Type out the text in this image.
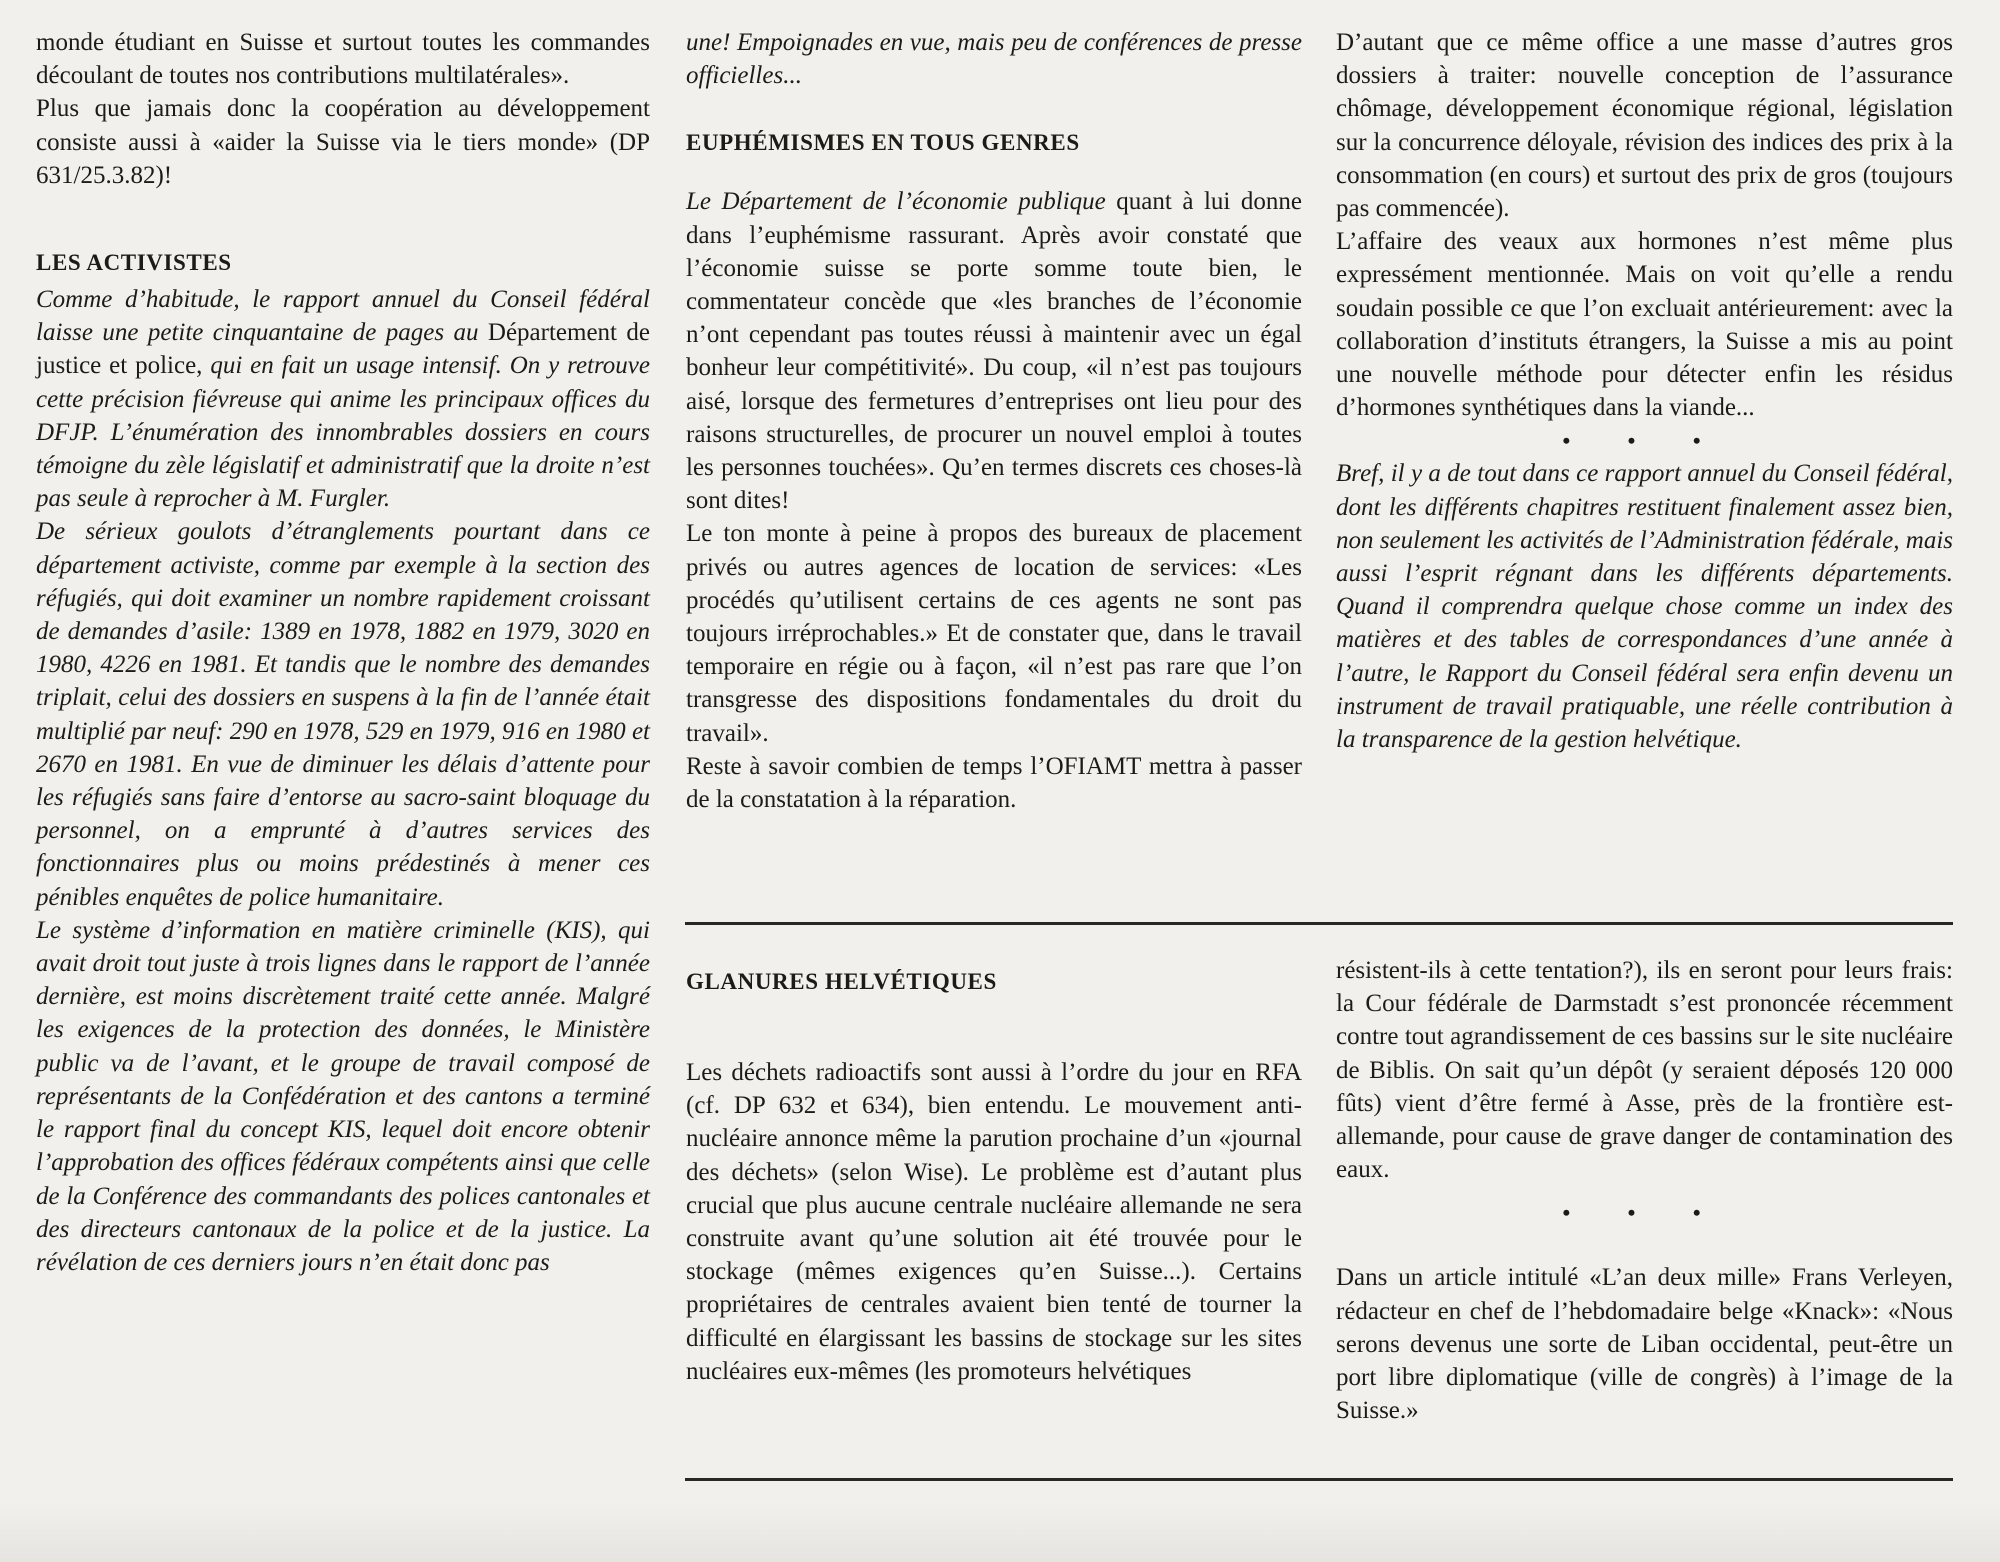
monde étudiant en Suisse et surtout toutes les commandes découlant de toutes nos contributions multilatérales».

Plus que jamais donc la coopération au développement consiste aussi à «aider la Suisse via le tiers monde» (DP 631/25.3.82)!

LES ACTIVISTES

Comme d’habitude, le rapport annuel du Conseil fédéral laisse une petite cinquantaine de pages au Département de justice et police, qui en fait un usage intensif. On y retrouve cette précision fiévreuse qui anime les principaux offices du DFJP. L’énumération des innombrables dossiers en cours témoigne du zèle législatif et administratif que la droite n’est pas seule à reprocher à M. Furgler.

De sérieux goulots d’étranglements pourtant dans ce département activiste, comme par exemple à la section des réfugiés, qui doit examiner un nombre rapidement croissant de demandes d’asile: 1389 en 1978, 1882 en 1979, 3020 en 1980, 4226 en 1981. Et tandis que le nombre des demandes triplait, celui des dossiers en suspens à la fin de l’année était multiplié par neuf: 290 en 1978, 529 en 1979, 916 en 1980 et 2670 en 1981. En vue de diminuer les délais d’attente pour les réfugiés sans faire d’entorse au sacro-saint bloquage du personnel, on a emprunté à d’autres services des fonctionnaires plus ou moins prédestinés à mener ces pénibles enquêtes de police humanitaire.

Le système d’information en matière criminelle (KIS), qui avait droit tout juste à trois lignes dans le rapport de l’année dernière, est moins discrètement traité cette année. Malgré les exigences de la protection des données, le Ministère public va de l’avant, et le groupe de travail composé de représentants de la Confédération et des cantons a terminé le rapport final du concept KIS, lequel doit encore obtenir l’approbation des offices fédéraux compétents ainsi que celle de la Conférence des commandants des polices cantonales et des directeurs cantonaux de la police et de la justice. La révélation de ces derniers jours n’en était donc pas

une! Empoignades en vue, mais peu de conférences de presse officielles...

EUPHÉMISMES EN TOUS GENRES

Le Département de l’économie publique quant à lui donne dans l’euphémisme rassurant. Après avoir constaté que l’économie suisse se porte somme toute bien, le commentateur concède que «les branches de l’économie n’ont cependant pas toutes réussi à maintenir avec un égal bonheur leur compétitivité». Du coup, «il n’est pas toujours aisé, lorsque des fermetures d’entreprises ont lieu pour des raisons structurelles, de procurer un nouvel emploi à toutes les personnes touchées». Qu’en termes discrets ces choses-là sont dites!

Le ton monte à peine à propos des bureaux de placement privés ou autres agences de location de services: «Les procédés qu’utilisent certains de ces agents ne sont pas toujours irréprochables.» Et de constater que, dans le travail temporaire en régie ou à façon, «il n’est pas rare que l’on transgresse des dispositions fondamentales du droit du travail».

Reste à savoir combien de temps l’OFIAMT mettra à passer de la constatation à la réparation.

D’autant que ce même office a une masse d’autres gros dossiers à traiter: nouvelle conception de l’assurance chômage, développement économique régional, législation sur la concurrence déloyale, révision des indices des prix à la consommation (en cours) et surtout des prix de gros (toujours pas commencée).

L’affaire des veaux aux hormones n’est même plus expressément mentionnée. Mais on voit qu’elle a rendu soudain possible ce que l’on excluait antérieurement: avec la collaboration d’instituts étrangers, la Suisse a mis au point une nouvelle méthode pour détecter enfin les résidus d’hormones synthétiques dans la viande...

• • •

Bref, il y a de tout dans ce rapport annuel du Conseil fédéral, dont les différents chapitres restituent finalement assez bien, non seulement les activités de l’Administration fédérale, mais aussi l’esprit régnant dans les différents départements. Quand il comprendra quelque chose comme un index des matières et des tables de correspondances d’une année à l’autre, le Rapport du Conseil fédéral sera enfin devenu un instrument de travail pratiquable, une réelle contribution à la transparence de la gestion helvétique.

GLANURES HELVÉTIQUES

Les déchets radioactifs sont aussi à l’ordre du jour en RFA (cf. DP 632 et 634), bien entendu. Le mouvement anti-nucléaire annonce même la parution prochaine d’un «journal des déchets» (selon Wise). Le problème est d’autant plus crucial que plus aucune centrale nucléaire allemande ne sera construite avant qu’une solution ait été trouvée pour le stockage (mêmes exigences qu’en Suisse...). Certains propriétaires de centrales avaient bien tenté de tourner la difficulté en élargissant les bassins de stockage sur les sites nucléaires eux-mêmes (les promoteurs helvétiques

résistent-ils à cette tentation?), ils en seront pour leurs frais: la Cour fédérale de Darmstadt s’est prononcée récemment contre tout agrandissement de ces bassins sur le site nucléaire de Biblis. On sait qu’un dépôt (y seraient déposés 120 000 fûts) vient d’être fermé à Asse, près de la frontière est-allemande, pour cause de grave danger de contamination des eaux.

• • •

Dans un article intitulé «L’an deux mille» Frans Verleyen, rédacteur en chef de l’hebdomadaire belge «Knack»: «Nous serons devenus une sorte de Liban occidental, peut-être un port libre diplomatique (ville de congrès) à l’image de la Suisse.»
